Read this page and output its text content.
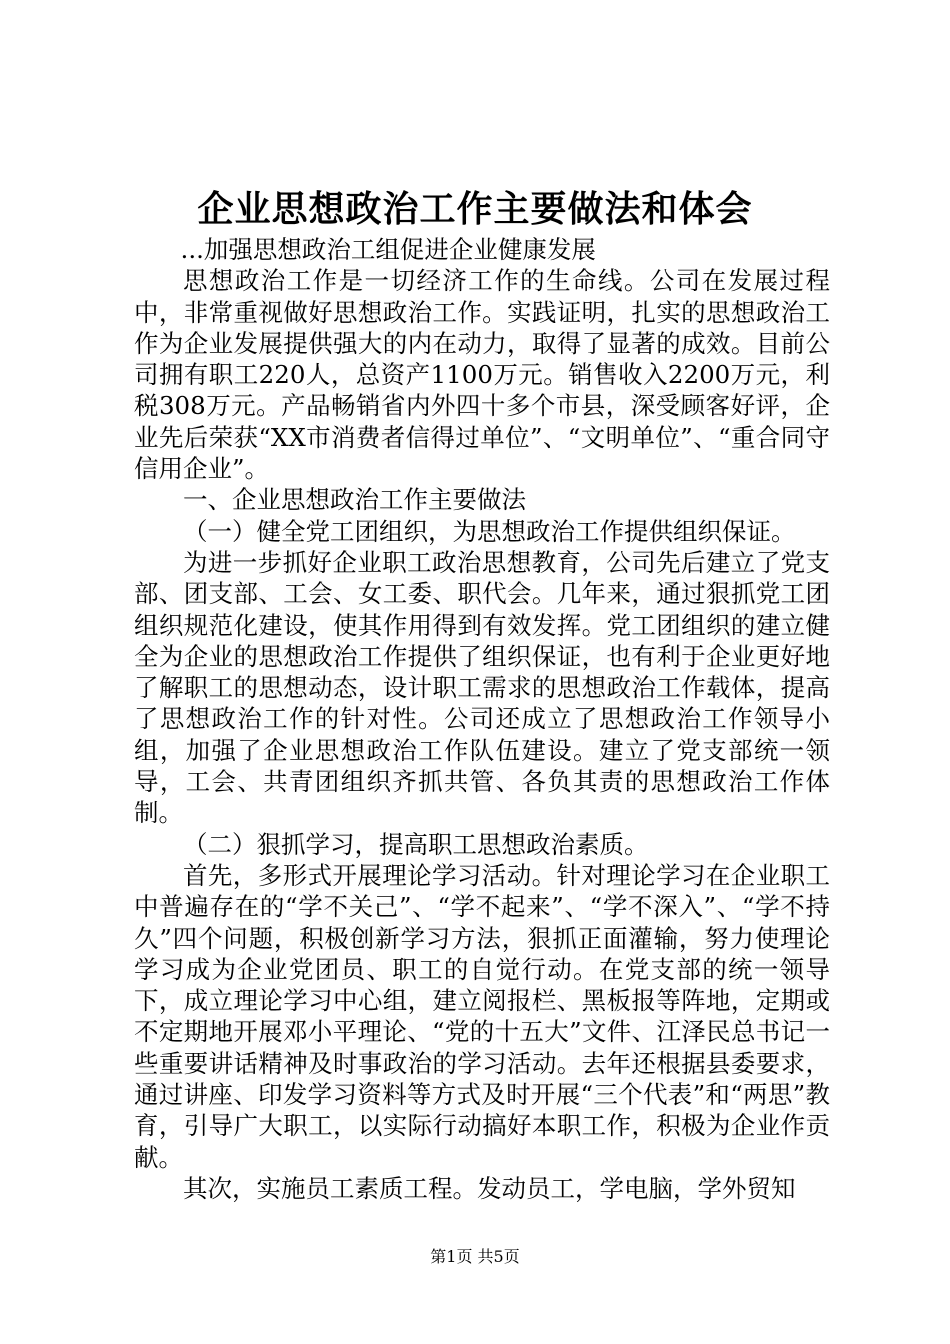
企业思想政治工作主要做法和体会

...加强思想政治工组促进企业健康发展

思想政治工作是一切经济工作的生命线。公司在发展过程中，非常重视做好思想政治工作。实践证明，扎实的思想政治工作为企业发展提供强大的内在动力，取得了显著的成效。目前公司拥有职工220人，总资产1100万元。销售收入2200万元，利税308万元。产品畅销省内外四十多个市县，深受顾客好评，企业先后荣获“XX市消费者信得过单位”、“文明单位”、“重合同守信用企业”。

一、企业思想政治工作主要做法

（一）健全党工团组织，为思想政治工作提供组织保证。

为进一步抓好企业职工政治思想教育，公司先后建立了党支部、团支部、工会、女工委、职代会。几年来，通过狠抓党工团组织规范化建设，使其作用得到有效发挥。党工团组织的建立健全为企业的思想政治工作提供了组织保证，也有利于企业更好地了解职工的思想动态，设计职工需求的思想政治工作载体，提高了思想政治工作的针对性。公司还成立了思想政治工作领导小组，加强了企业思想政治工作队伍建设。建立了党支部统一领导，工会、共青团组织齐抓共管、各负其责的思想政治工作体制。

（二）狠抓学习，提高职工思想政治素质。

首先，多形式开展理论学习活动。针对理论学习在企业职工中普遍存在的“学不关己”、“学不起来”、“学不深入”、“学不持久”四个问题，积极创新学习方法，狠抓正面灌输，努力使理论学习成为企业党团员、职工的自觉行动。在党支部的统一领导下，成立理论学习中心组，建立阅报栏、黑板报等阵地，定期或不定期地开展邓小平理论、“党的十五大”文件、江泽民总书记一些重要讲话精神及时事政治的学习活动。去年还根据县委要求，通过讲座、印发学习资料等方式及时开展“三个代表”和“两思”教育，引导广大职工，以实际行动搞好本职工作，积极为企业作贡献。

其次，实施员工素质工程。发动员工，学电脑，学外贸知

第1页 共5页
